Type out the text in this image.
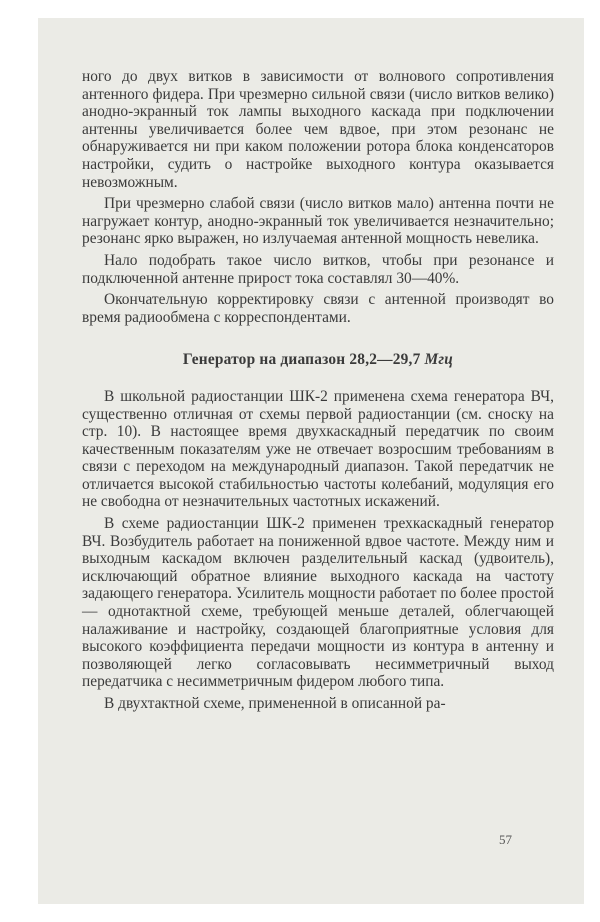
ного до двух витков в зависимости от волнового сопротивления антенного фидера. При чрезмерно сильной связи (число витков велико) анодно-экранный ток лампы выходного каскада при подключении антенны увеличивается более чем вдвое, при этом резонанс не обнаруживается ни при каком положении ротора блока конденсаторов настройки, судить о настройке выходного контура оказывается невозможным.

При чрезмерно слабой связи (число витков мало) антенна почти не нагружает контур, анодно-экранный ток увеличивается незначительно; резонанс ярко выражен, но излучаемая антенной мощность невелика.

Нало подобрать такое число витков, чтобы при резонансе и подключенной антенне прирост тока составлял 30—40%.

Окончательную корректировку связи с антенной производят во время радиообмена с корреспондентами.

Генератор на диапазон 28,2—29,7 Мгц

В школьной радиостанции ШК-2 применена схема генератора ВЧ, существенно отличная от схемы первой радиостанции (см. сноску на стр. 10). В настоящее время двухкаскадный передатчик по своим качественным показателям уже не отвечает возросшим требованиям в связи с переходом на международный диапазон. Такой передатчик не отличается высокой стабильностью частоты колебаний, модуляция его не свободна от незначительных частотных искажений.

В схеме радиостанции ШК-2 применен трехкаскадный генератор ВЧ. Возбудитель работает на пониженной вдвое частоте. Между ним и выходным каскадом включен разделительный каскад (удвоитель), исключающий обратное влияние выходного каскада на частоту задающего генератора. Усилитель мощности работает по более простой — однотактной схеме, требующей меньше деталей, облегчающей налаживание и настройку, создающей благоприятные условия для высокого коэффициента передачи мощности из контура в антенну и позволяющей легко согласовывать несимметричный выход передатчика с несимметричным фидером любого типа.

В двухтактной схеме, примененной в описанной ра-

57
